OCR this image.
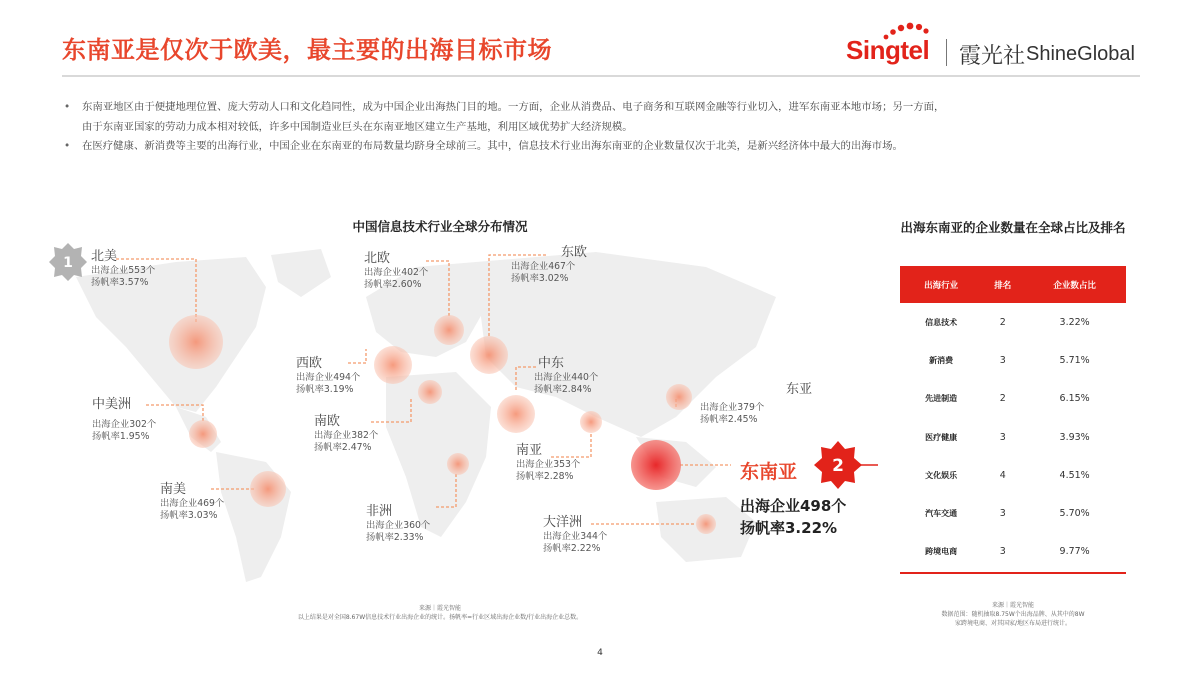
东南亚是仅次于欧美，最主要的出海目标市场	Singtel 霞光社 ShineGlobal
• 东南亚地区由于便捷地理位置、庞大劳动人口和文化趋同性，成为中国企业出海热门目的地。一方面，企业从消费品、电子商务和互联网金融等行业切入，进军东南亚本地市场；另一方面，
由于东南亚国家的劳动力成本相对较低，许多中国制造业巨头在东南亚地区建立生产基地，利用区域优势扩大经济规模。
• 在医疗健康、新消费等主要的出海行业，中国企业在东南亚的布局数量均跻身全球前三。其中，信息技术行业出海东南亚的企业数量仅次于北美，是新兴经济体中最大的出海市场。
中国信息技术行业全球分布情况
1
2
北美
出海企业553个
扬帆率3.57%
北欧
出海企业402个
扬帆率2.60%
东欧
出海企业467个
扬帆率3.02%
西欧
出海企业494个
扬帆率3.19%
中东
出海企业440个
扬帆率2.84%	东亚
出海企业379个
扬帆率2.45%
中美洲
出海企业302个
扬帆率1.95%
南欧
出海企业382个
扬帆率2.47%	南亚
出海企业353个
扬帆率2.28%
南美
出海企业469个
扬帆率3.03%	非洲
出海企业360个
扬帆率2.33%
大洋洲
出海企业344个
扬帆率2.22%
东南亚
出海企业498个
扬帆率3.22%
来源｜霞光智能
以上结果是对全国8.67W信息技术行业出海企业的统计。扬帆率=行业区域出海企业数/行业出海企业总数。
出海东南亚的企业数量在全球占比及排名
出海行业	排名	企业数占比
信息技术	2	3.22%
新消费	3	5.71%
先进制造	2	6.15%
医疗健康	3	3.93%
文化娱乐	4	4.51%
汽车交通	3	5.70%
跨境电商	3	9.77%
来源｜霞光智能
数据范围：随机抽取8.75W个出海品牌、从其中的8W
家跨境电商、对其国家/地区布局进行统计。
4
